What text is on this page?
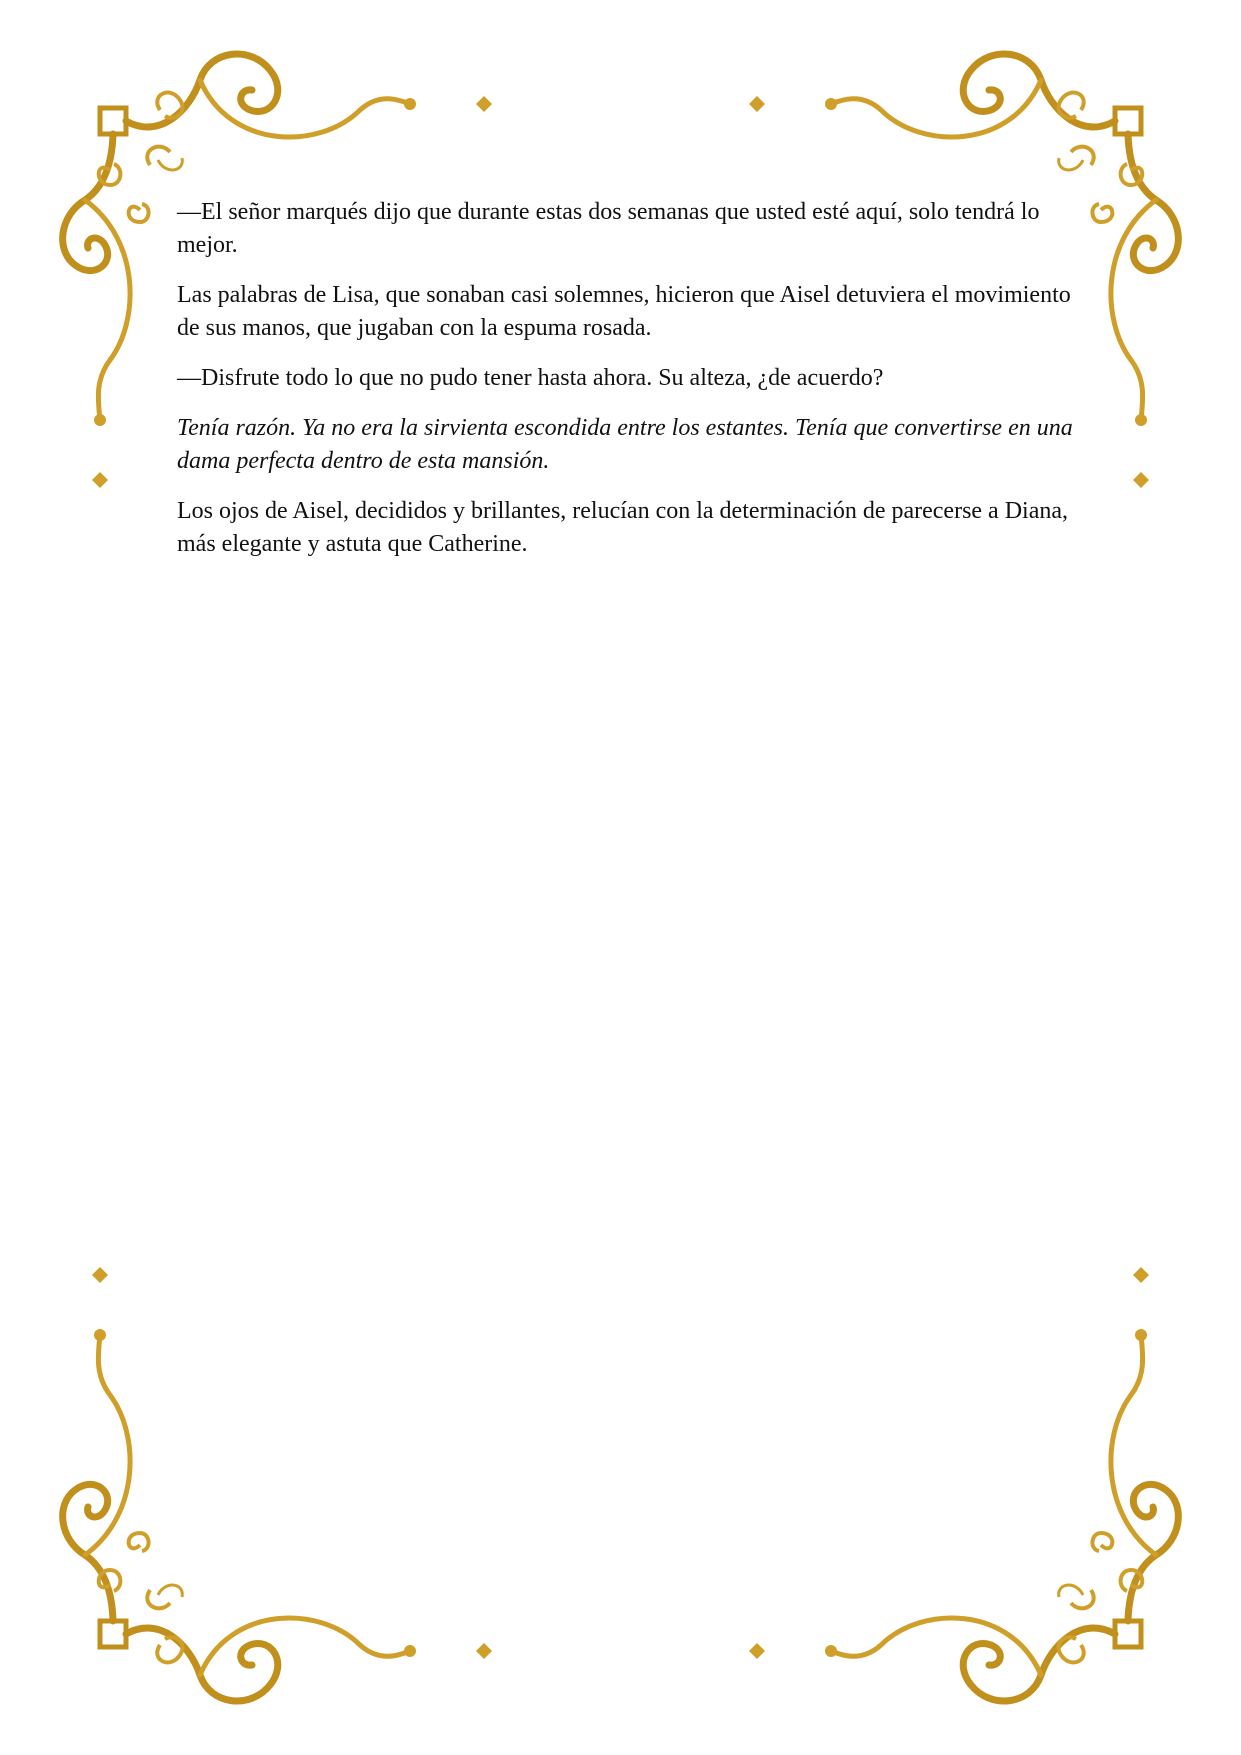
—El señor marqués dijo que durante estas dos semanas que usted esté aquí, solo tendrá lo mejor.

Las palabras de Lisa, que sonaban casi solemnes, hicieron que Aisel detuviera el movimiento de sus manos, que jugaban con la espuma rosada.

—Disfrute todo lo que no pudo tener hasta ahora. Su alteza, ¿de acuerdo?

Tenía razón. Ya no era la sirvienta escondida entre los estantes. Tenía que convertirse en una dama perfecta dentro de esta mansión.

Los ojos de Aisel, decididos y brillantes, relucían con la determinación de parecerse a Diana, más elegante y astuta que Catherine.
